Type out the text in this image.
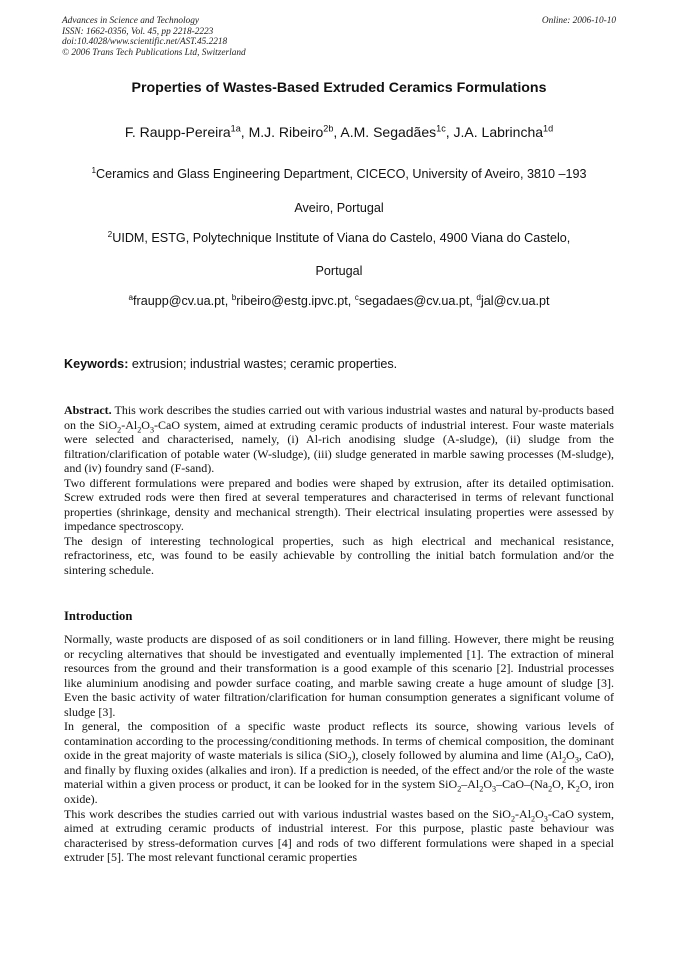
Advances in Science and Technology
ISSN: 1662-0356, Vol. 45, pp 2218-2223
doi:10.4028/www.scientific.net/AST.45.2218
© 2006 Trans Tech Publications Ltd, Switzerland
Online: 2006-10-10
Properties of Wastes-Based Extruded Ceramics Formulations
F. Raupp-Pereira$^{1a}$, M.J. Ribeiro$^{2b}$, A.M. Segadães$^{1c}$, J.A. Labrincha$^{1d}$
$^1$Ceramics and Glass Engineering Department, CICECO, University of Aveiro, 3810 –193
Aveiro, Portugal
$^2$UIDM, ESTG, Polytechnique Institute of Viana do Castelo, 4900 Viana do Castelo,
Portugal
$^a$fraupp@cv.ua.pt, $^b$ribeiro@estg.ipvc.pt, $^c$segadaes@cv.ua.pt, $^d$jal@cv.ua.pt
Keywords: extrusion; industrial wastes; ceramic properties.

Abstract. This work describes the studies carried out with various industrial wastes and natural by-products based on the $SiO_2-Al_2O_3$-CaO system, aimed at extruding ceramic products of industrial interest. Four waste materials were selected and characterised, namely, (i) Al-rich anodising sludge (A-sludge), (ii) sludge from the filtration/clarification of potable water (W-sludge), (iii) sludge generated in marble sawing processes (M-sludge), and (iv) foundry sand (F-sand).

Two different formulations were prepared and bodies were shaped by extrusion, after its detailed optimisation. Screw extruded rods were then fired at several temperatures and characterised in terms of relevant functional properties (shrinkage, density and mechanical strength). Their electrical insulating properties were assessed by impedance spectroscopy.

The design of interesting technological properties, such as high electrical and mechanical resistance, refractoriness, etc, was found to be easily achievable by controlling the initial batch formulation and/or the sintering schedule.

Introduction

Normally, waste products are disposed of as soil conditioners or in land filling. However, there might be reusing or recycling alternatives that should be investigated and eventually implemented [1]. The extraction of mineral resources from the ground and their transformation is a good example of this scenario [2]. Industrial processes like aluminium anodising and powder surface coating, and marble sawing create a huge amount of sludge [3]. Even the basic activity of water filtration/clarification for human consumption generates a significant volume of sludge [3].

In general, the composition of a specific waste product reflects its source, showing various levels of contamination according to the processing/conditioning methods. In terms of chemical composition, the dominant oxide in the great majority of waste materials is silica (SiO$_2$), closely followed by alumina and lime ($Al_2O_3$, CaO), and finally by fluxing oxides (alkalies and iron). If a prediction is needed, of the effect and/or the role of the waste material within a given process or product, it can be looked for in the system $SiO_2-Al_2O_3-CaO-(Na_2O$, $K_2O$, iron oxide).

This work describes the studies carried out with various industrial wastes based on the $SiO_2-Al_2O_3$-CaO system, aimed at extruding ceramic products of industrial interest. For this purpose, plastic paste behaviour was characterised by stress-deformation curves [4] and rods of two different formulations were shaped in a special extruder [5]. The most relevant functional ceramic properties
